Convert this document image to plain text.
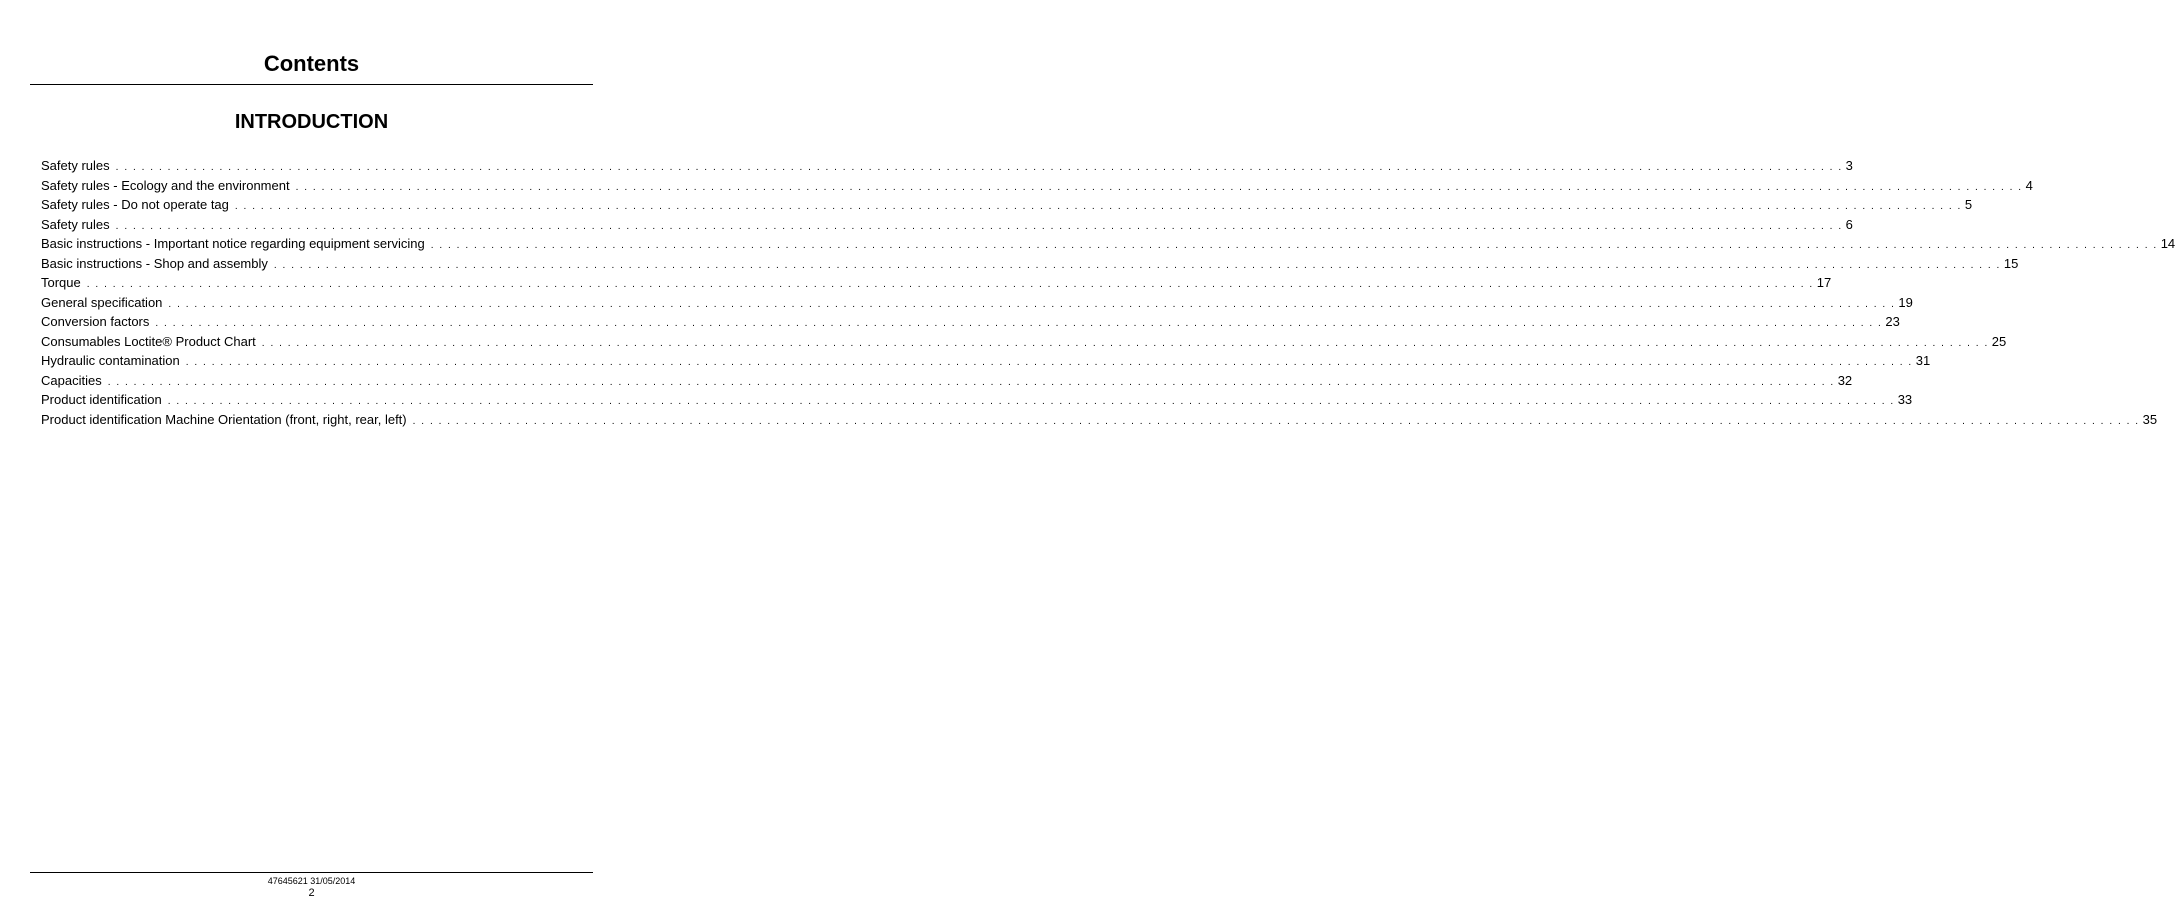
Contents
INTRODUCTION
Safety rules . . . . . . . . . . . . . . . . . . . . . . . . . . . . . . . . . . . . . . . . . . . . . . . . . . . . . . . . . . . . . . . . . . . . . . . . . . . . . . . . . . . . . . . . . . . . . . . . . . . . . . . . . . . . . . . . . . . . . . . . . . . . . . . . . . . . . . . . . . . . . . . . . . . . . . . . . . . . . . . . . . . . . . . . . . . . . . . . . . . . . . . . . . . . . . . . . . . . . . . . 3
Safety rules - Ecology and the environment . . . . . . . . . . . . . . . . . . . . . . . . . . . . . . . . . . . . . . . . . . . . . . . . . . . . . . . . . . . . . . . . . . . . . . . . . . . . . . . . . . . . . . . . . . . . . . . . . . . . . . . . . . . . . . . . . . . . . . . . . . . . . . . . . . . . . . . . . . . . . . . . . . . . . . . . . . . . . . . . . . . . . . . . . . . . . . . . . . . . . . . . . . . . . . . . . . . . . . . . 4
Safety rules - Do not operate tag . . . . . . . . . . . . . . . . . . . . . . . . . . . . . . . . . . . . . . . . . . . . . . . . . . . . . . . . . . . . . . . . . . . . . . . . . . . . . . . . . . . . . . . . . . . . . . . . . . . . . . . . . . . . . . . . . . . . . . . . . . . . . . . . . . . . . . . . . . . . . . . . . . . . . . . . . . . . . . . . . . . . . . . . . . . . . . . . . . . . . . . . . . . . . . . . . . . . . . . . 5
Safety rules . . . . . . . . . . . . . . . . . . . . . . . . . . . . . . . . . . . . . . . . . . . . . . . . . . . . . . . . . . . . . . . . . . . . . . . . . . . . . . . . . . . . . . . . . . . . . . . . . . . . . . . . . . . . . . . . . . . . . . . . . . . . . . . . . . . . . . . . . . . . . . . . . . . . . . . . . . . . . . . . . . . . . . . . . . . . . . . . . . . . . . . . . . . . . . . . . . . . . . . . 6
Basic instructions - Important notice regarding equipment servicing . . . . . . . . . . . . . . . . . . . . . . . . . . . . . . . . . . . . . . . . . . . . . . . . . . . . . . . . . . . . . . . . . . . . . . . . . . . . . . . . . . . . . . . . . . . . . . . . . . . . . . . . . . . . . . . . . . . . . . . . . . . . . . . . . . . . . . . . . . . . . . . . . . . . . . . . . . . . . . . . . . . . . . . . . . . . . . . . . . . . . . . . . . . . . . . . . . . . . . . . 14
Basic instructions - Shop and assembly . . . . . . . . . . . . . . . . . . . . . . . . . . . . . . . . . . . . . . . . . . . . . . . . . . . . . . . . . . . . . . . . . . . . . . . . . . . . . . . . . . . . . . . . . . . . . . . . . . . . . . . . . . . . . . . . . . . . . . . . . . . . . . . . . . . . . . . . . . . . . . . . . . . . . . . . . . . . . . . . . . . . . . . . . . . . . . . . . . . . . . . . . . . . . . . . . . . . . . . . 15
Torque . . . . . . . . . . . . . . . . . . . . . . . . . . . . . . . . . . . . . . . . . . . . . . . . . . . . . . . . . . . . . . . . . . . . . . . . . . . . . . . . . . . . . . . . . . . . . . . . . . . . . . . . . . . . . . . . . . . . . . . . . . . . . . . . . . . . . . . . . . . . . . . . . . . . . . . . . . . . . . . . . . . . . . . . . . . . . . . . . . . . . . . . . . . . . . . . . . . . . . . . 17
General specification . . . . . . . . . . . . . . . . . . . . . . . . . . . . . . . . . . . . . . . . . . . . . . . . . . . . . . . . . . . . . . . . . . . . . . . . . . . . . . . . . . . . . . . . . . . . . . . . . . . . . . . . . . . . . . . . . . . . . . . . . . . . . . . . . . . . . . . . . . . . . . . . . . . . . . . . . . . . . . . . . . . . . . . . . . . . . . . . . . . . . . . . . . . . . . . . . . . . . . . . 19
Conversion factors . . . . . . . . . . . . . . . . . . . . . . . . . . . . . . . . . . . . . . . . . . . . . . . . . . . . . . . . . . . . . . . . . . . . . . . . . . . . . . . . . . . . . . . . . . . . . . . . . . . . . . . . . . . . . . . . . . . . . . . . . . . . . . . . . . . . . . . . . . . . . . . . . . . . . . . . . . . . . . . . . . . . . . . . . . . . . . . . . . . . . . . . . . . . . . . . . . . . . . . . 23
Consumables Loctite® Product Chart . . . . . . . . . . . . . . . . . . . . . . . . . . . . . . . . . . . . . . . . . . . . . . . . . . . . . . . . . . . . . . . . . . . . . . . . . . . . . . . . . . . . . . . . . . . . . . . . . . . . . . . . . . . . . . . . . . . . . . . . . . . . . . . . . . . . . . . . . . . . . . . . . . . . . . . . . . . . . . . . . . . . . . . . . . . . . . . . . . . . . . . . . . . . . . . . . . . . . . . . 25
Hydraulic contamination . . . . . . . . . . . . . . . . . . . . . . . . . . . . . . . . . . . . . . . . . . . . . . . . . . . . . . . . . . . . . . . . . . . . . . . . . . . . . . . . . . . . . . . . . . . . . . . . . . . . . . . . . . . . . . . . . . . . . . . . . . . . . . . . . . . . . . . . . . . . . . . . . . . . . . . . . . . . . . . . . . . . . . . . . . . . . . . . . . . . . . . . . . . . . . . . . . . . . . . . 31
Capacities . . . . . . . . . . . . . . . . . . . . . . . . . . . . . . . . . . . . . . . . . . . . . . . . . . . . . . . . . . . . . . . . . . . . . . . . . . . . . . . . . . . . . . . . . . . . . . . . . . . . . . . . . . . . . . . . . . . . . . . . . . . . . . . . . . . . . . . . . . . . . . . . . . . . . . . . . . . . . . . . . . . . . . . . . . . . . . . . . . . . . . . . . . . . . . . . . . . . . . . . 32
Product identification . . . . . . . . . . . . . . . . . . . . . . . . . . . . . . . . . . . . . . . . . . . . . . . . . . . . . . . . . . . . . . . . . . . . . . . . . . . . . . . . . . . . . . . . . . . . . . . . . . . . . . . . . . . . . . . . . . . . . . . . . . . . . . . . . . . . . . . . . . . . . . . . . . . . . . . . . . . . . . . . . . . . . . . . . . . . . . . . . . . . . . . . . . . . . . . . . . . . . . . . 33
Product identification Machine Orientation (front, right, rear, left) . . . . . . . . . . . . . . . . . . . . . . . . . . . . . . . . . . . . . . . . . . . . . . . . . . . . . . . . . . . . . . . . . . . . . . . . . . . . . . . . . . . . . . . . . . . . . . . . . . . . . . . . . . . . . . . . . . . . . . . . . . . . . . . . . . . . . . . . . . . . . . . . . . . . . . . . . . . . . . . . . . . . . . . . . . . . . . . . . . . . . . . . . . . . . . . . . . . . . . . . 35
47645621 31/05/2014
2
